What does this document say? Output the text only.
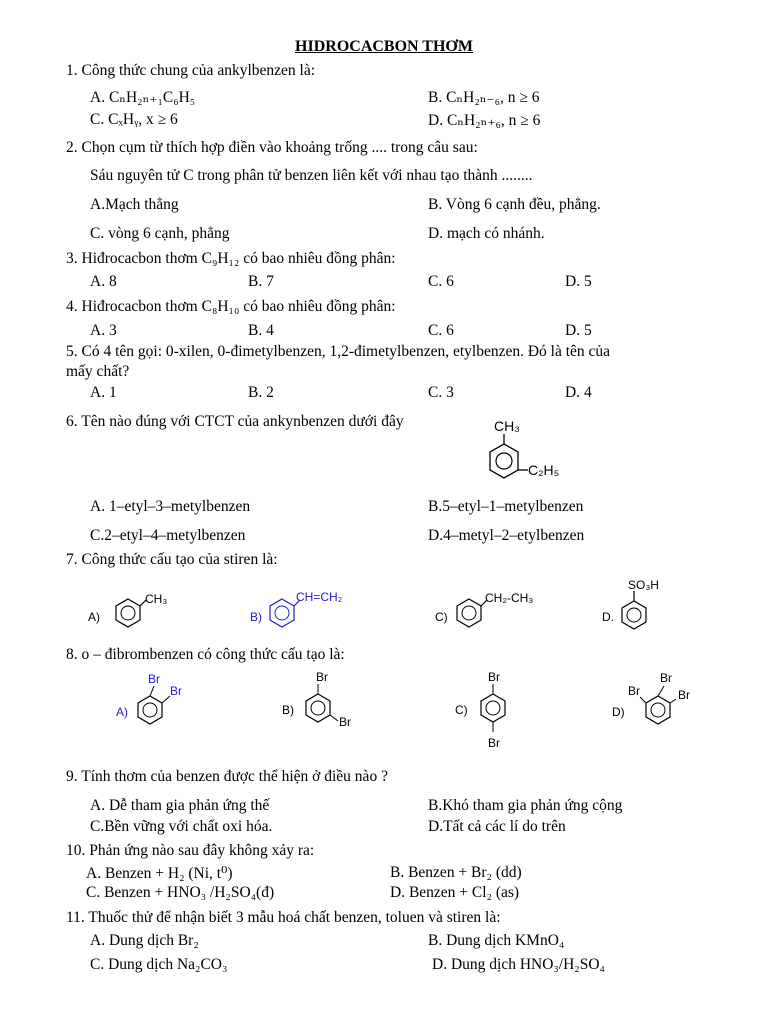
HIDROCACBON THƠM
1. Công thức chung của ankylbenzen là:
A. CₙH₂ₙ₊₁C₆H₅	B. CₙH₂ₙ₋₆, n ≥ 6
C. CₓHᵧ, x ≥ 6	D. CₙH₂ₙ₊₆, n ≥ 6
2. Chọn cụm từ thích hợp điền vào khoảng trống .... trong câu sau:
Sáu nguyên tử C trong phân tử benzen liên kết với nhau tạo thành ........
A.Mạch thẳng	B. Vòng 6 cạnh đều, phẳng.
C. vòng 6 cạnh, phẳng	D. mạch có nhánh.
3. Hiđrocacbon thơm C₉H₁₂ có bao nhiêu đồng phân:
A. 8	B. 7	C. 6	D. 5
4. Hiđrocacbon thơm C₈H₁₀ có bao nhiêu đồng phân:
A. 3	B. 4	C. 6	D. 5
5. Có 4 tên gọi: 0-xilen, 0-đimetylbenzen, 1,2-đimetylbenzen, etylbenzen. Đó là tên của
mấy chất?
A. 1	B. 2	C. 3	D. 4
6. Tên nào đúng với CTCT của ankynbenzen dưới đây	CH₃
C₂H₅
A. 1–etyl–3–metylbenzen	B.5–etyl–1–metylbenzen
C.2–etyl–4–metylbenzen	D.4–metyl–2–etylbenzen
7. Công thức cấu tạo của stiren là:
A)
CH₃
B)
CH=CH₂
C)
CH₂-CH₃
D.
SO₃H
8. o – đibrombenzen có công thức cấu tạo là:
A)
Br
Br
B)
Br
Br
C)
Br
Br
D)
Br
Br	Br
9. Tính thơm của benzen được thể hiện ở điều nào ?
A. Dễ tham gia phản ứng thế	B.Khó tham gia phản ứng cộng
C.Bền vững với chất oxi hóa.	D.Tất cả các lí do trên
10. Phản ứng nào sau đây không xảy ra:
A. Benzen + H₂ (Ni, t⁰)	B. Benzen + Br₂ (dd)
C. Benzen + HNO₃ /H₂SO₄(đ)	D. Benzen + Cl₂ (as)
11. Thuốc thử để nhận biết 3 mẫu hoá chất benzen, toluen và stiren là:
A. Dung dịch Br₂	B. Dung dịch KMnO₄
C. Dung dịch Na₂CO₃	D. Dung dịch HNO₃/H₂SO₄
